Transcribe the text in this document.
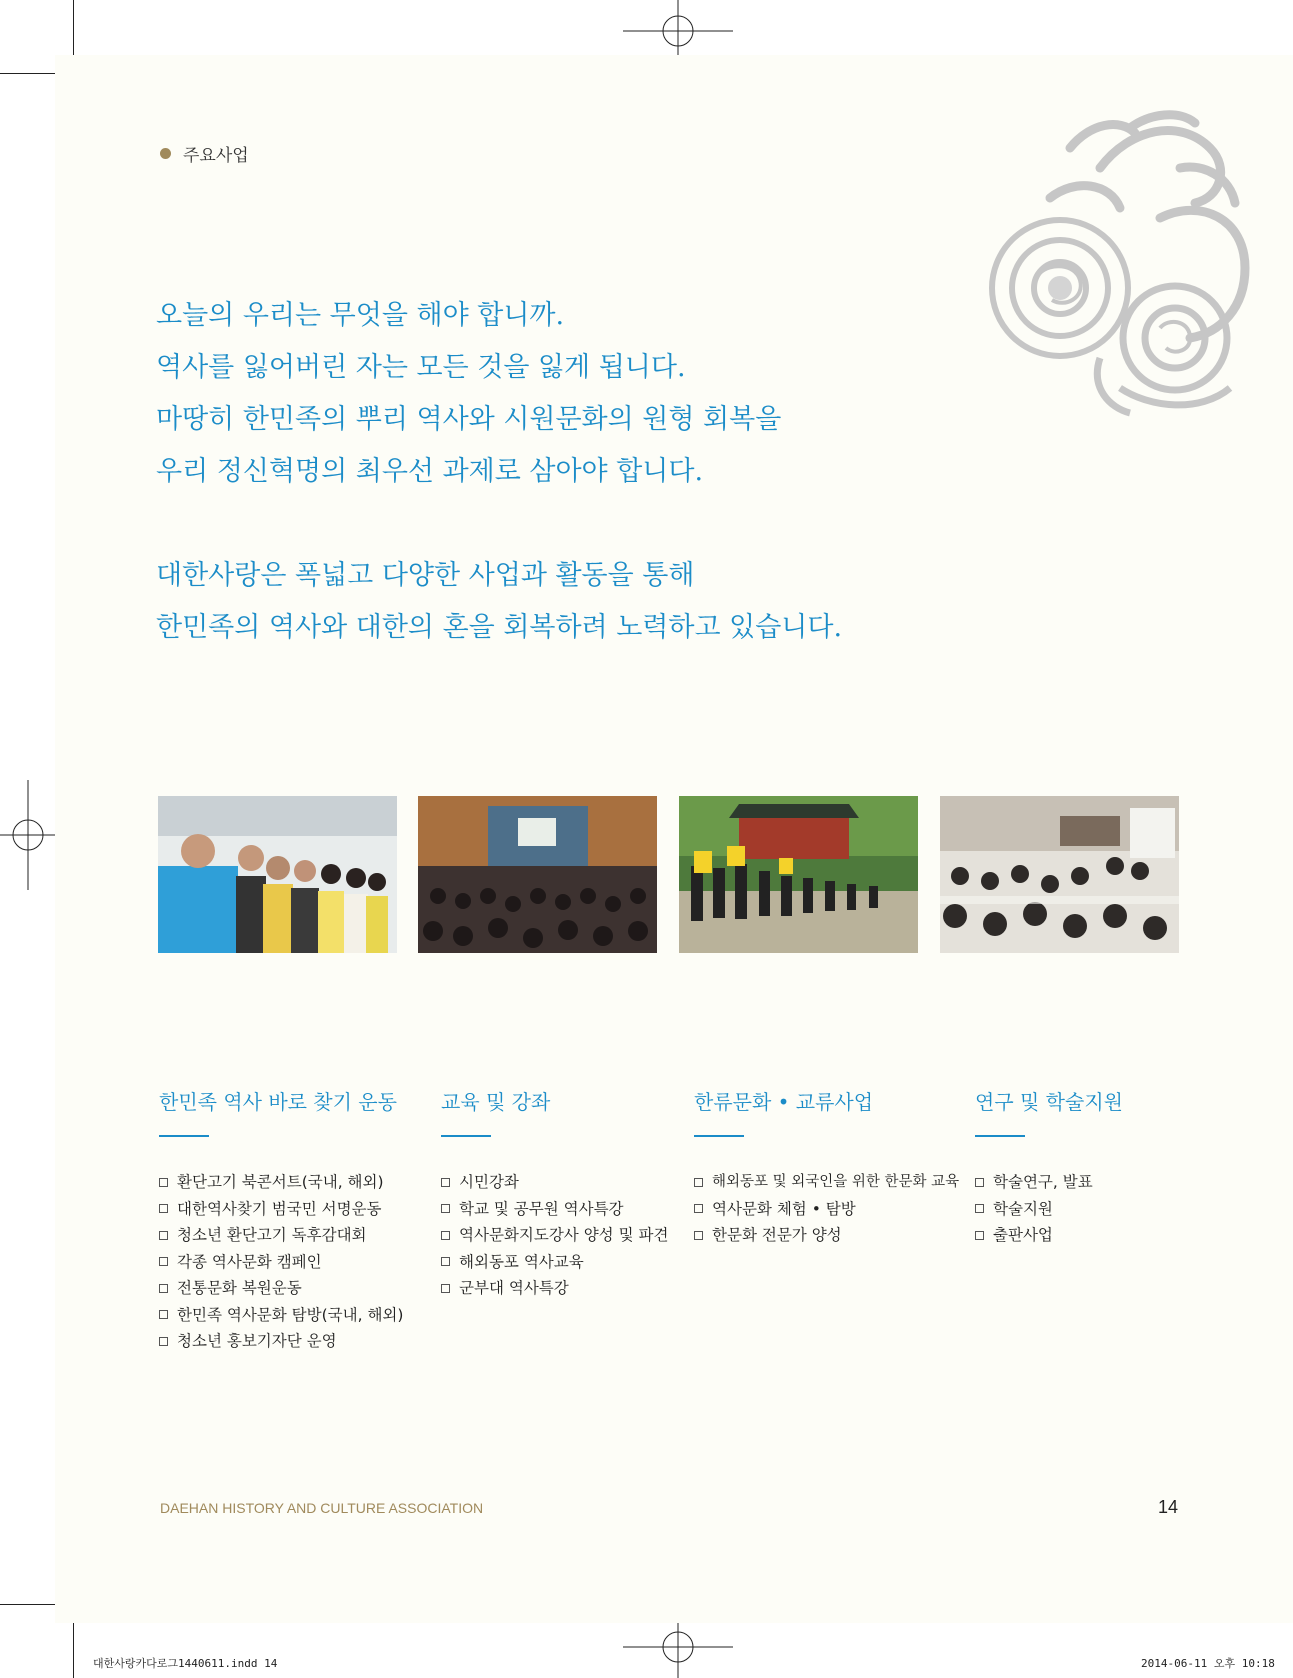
주요사업

오늘의 우리는 무엇을 해야 합니까.

역사를 잃어버린 자는 모든 것을 잃게 됩니다.

마땅히 한민족의 뿌리 역사와 시원문화의 원형 회복을

우리 정신혁명의 최우선 과제로 삼아야 합니다.

대한사랑은 폭넓고 다양한 사업과 활동을 통해

한민족의 역사와 대한의 혼을 회복하려 노력하고 있습니다.

한민족 역사 바로 찾기 운동

환단고기 북콘서트(국내, 해외)
대한역사찾기 범국민 서명운동
청소년 환단고기 독후감대회
각종 역사문화 캠페인
전통문화 복원운동
한민족 역사문화 탐방(국내, 해외)
청소년 홍보기자단 운영

교육 및 강좌

시민강좌
학교 및 공무원 역사특강
역사문화지도강사 양성 및 파견
해외동포 역사교육
군부대 역사특강

한류문화 • 교류사업

해외동포 및 외국인을 위한 한문화 교육
역사문화 체험 • 탐방
한문화 전문가 양성

연구 및 학술지원

학술연구, 발표
학술지원
출판사업
DAEHAN HISTORY AND CULTURE ASSOCIATION	14
대한사랑카다로그1440611.indd 14	2014-06-11 오후 10:18
